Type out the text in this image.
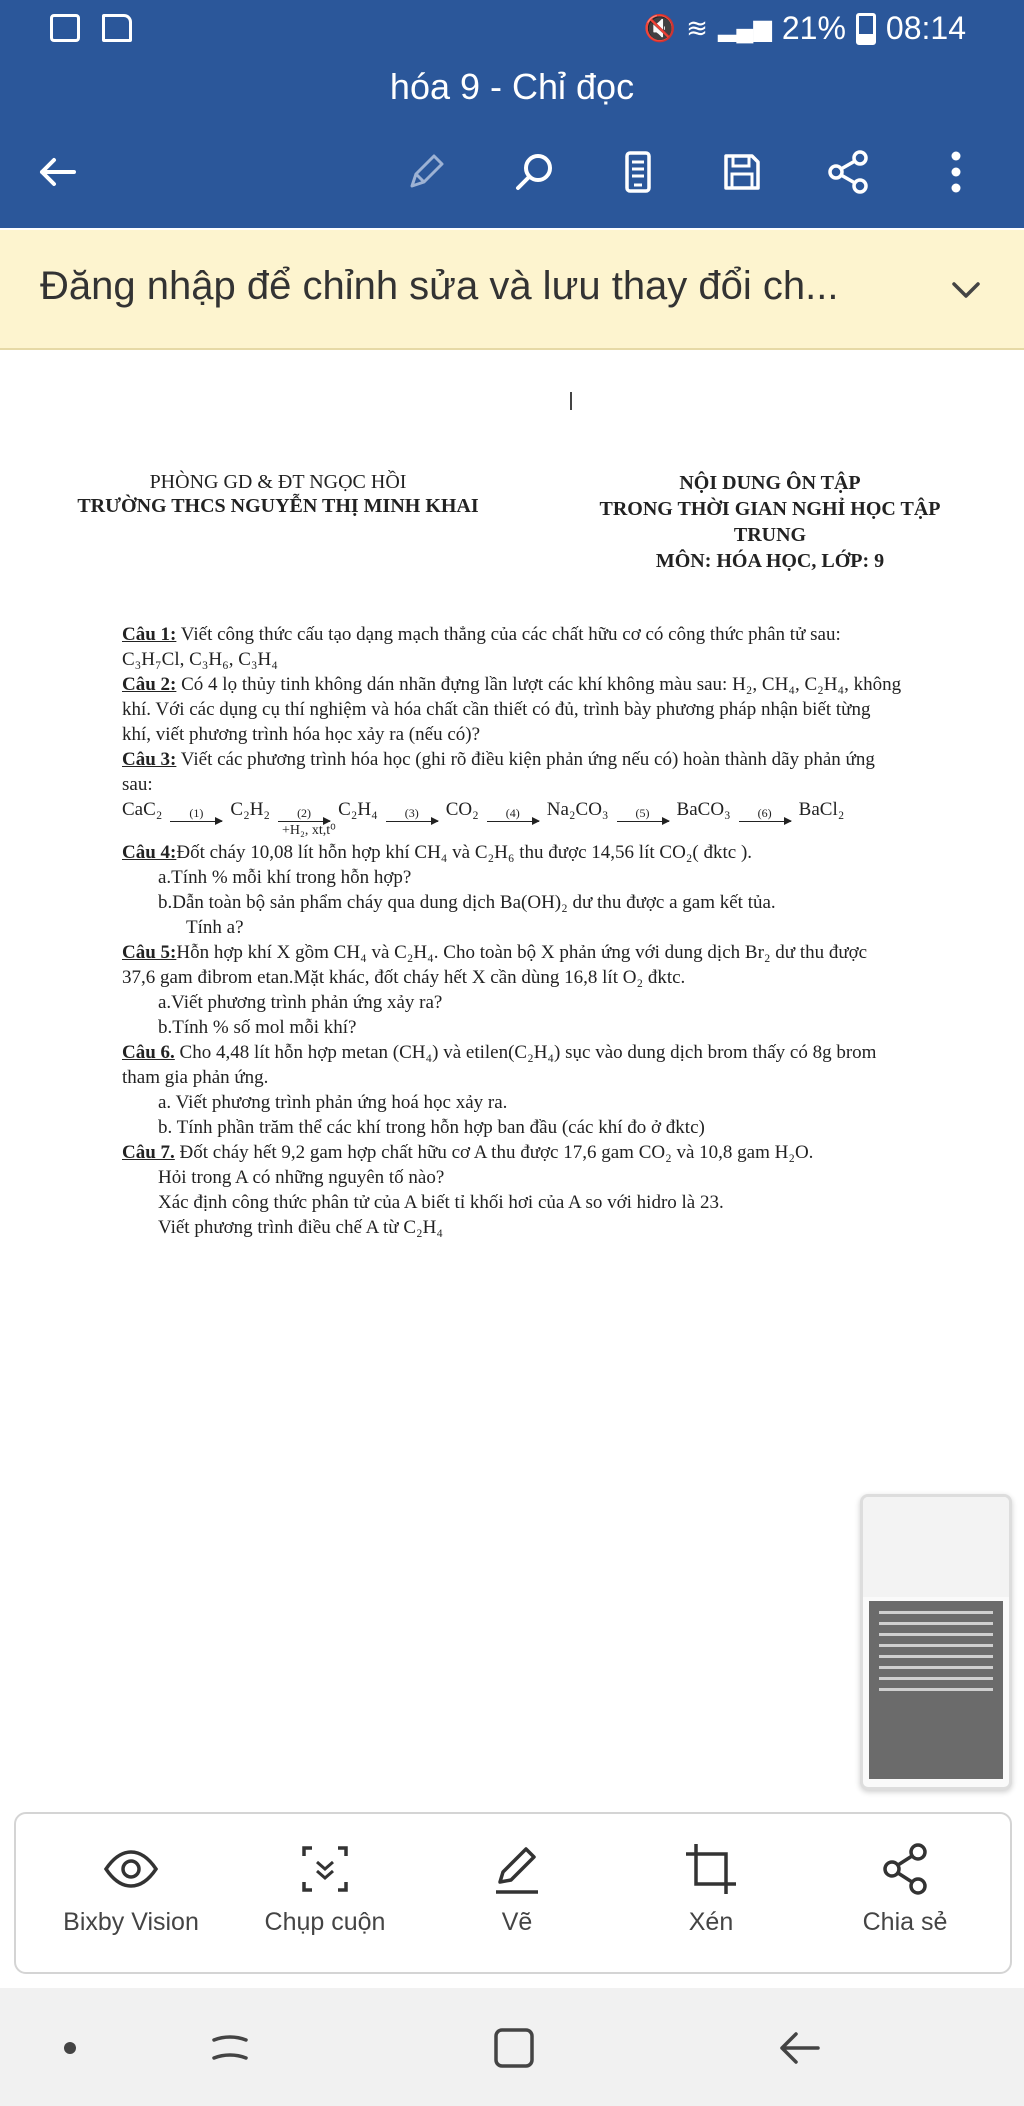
🔇 ≋ ▂▄▆ 21% 08:14
hóa 9 - Chỉ đọc
Đăng nhập để chỉnh sửa và lưu thay đổi ch...
PHÒNG GD & ĐT NGỌC HỒI
TRƯỜNG THCS NGUYỄN THỊ MINH KHAI
NỘI DUNG ÔN TẬP
TRONG THỜI GIAN NGHỈ HỌC TẬP
TRUNG
MÔN: HÓA HỌC, LỚP: 9

Câu 1: Viết công thức cấu tạo dạng mạch thẳng của các chất hữu cơ có công thức phân tử sau: C₃H₇Cl, C₃H₆, C₃H₄

Câu 2: Có 4 lọ thủy tinh không dán nhãn đựng lần lượt các khí không màu sau: H₂, CH₄, C₂H₄, không khí. Với các dụng cụ thí nghiệm và hóa chất cần thiết có đủ, trình bày phương pháp nhận biết từng khí, viết phương trình hóa học xảy ra (nếu có)?

Câu 3: Viết các phương trình hóa học (ghi rõ điều kiện phản ứng nếu có) hoàn thành dãy phản ứng sau:

CaC₂ (1) C₂H₂ (2) C₂H₄ (3) CO₂ (4) Na₂CO₃ (5) BaCO₃ (6) BaCl₂
+H₂, xt,t⁰

Câu 4:Đốt cháy 10,08 lít hỗn hợp khí CH₄ và C₂H₆ thu được 14,56 lít CO₂( đktc ).

a.Tính % mỗi khí trong hỗn hợp?

b.Dẫn toàn bộ sản phẩm cháy qua dung dịch Ba(OH)₂ dư thu được a gam kết tủa.

Tính a?

Câu 5:Hỗn hợp khí X gồm CH₄ và C₂H₄. Cho toàn bộ X phản ứng với dung dịch Br₂ dư thu được 37,6 gam đibrom etan.Mặt khác, đốt cháy hết X cần dùng 16,8 lít O₂ đktc.

a.Viết phương trình phản ứng xảy ra?

b.Tính % số mol mỗi khí?

Câu 6. Cho 4,48 lít hỗn hợp metan (CH₄) và etilen(C₂H₄) sục vào dung dịch brom thấy có 8g brom tham gia phản ứng.

a. Viết phương trình phản ứng hoá học xảy ra.

b. Tính phần trăm thể các khí trong hỗn hợp ban đầu (các khí đo ở đktc)

Câu 7. Đốt cháy hết 9,2 gam hợp chất hữu cơ A thu được 17,6 gam CO₂ và 10,8 gam H₂O.

Hỏi trong A có những nguyên tố nào?

Xác định công thức phân tử của A biết tỉ khối hơi của A so với hidro là 23.

Viết phương trình điều chế A từ C₂H₄

Bixby Vision	Chụp cuộn	Vẽ	Xén	Chia sẻ
